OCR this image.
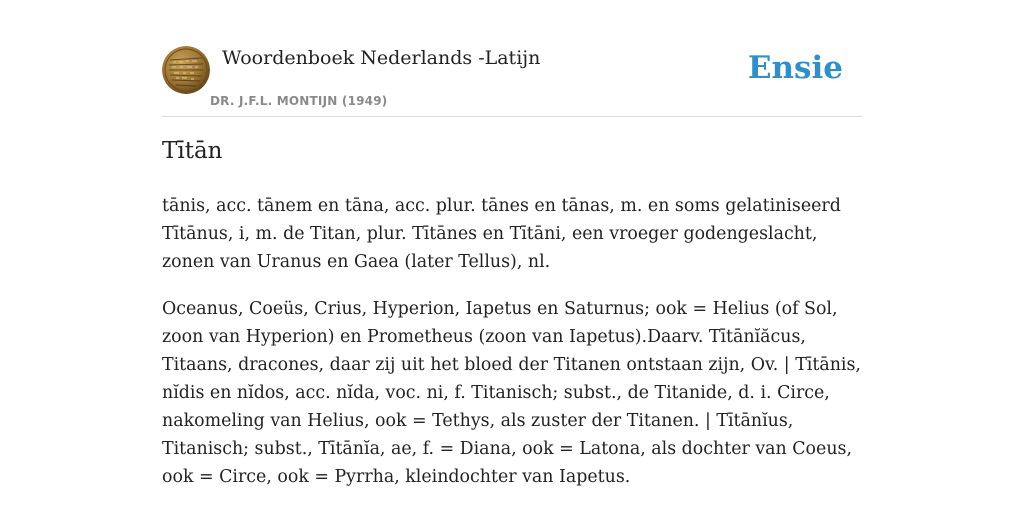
Woordenboek Nederlands -Latijn
DR. J.F.L. MONTIJN (1949)
Ensie
Tītān

tānis, acc. tānem en tāna, acc. plur. tānes en tānas, m. en soms gelatiniseerd Tītānus, i, m. de Titan, plur. Tītānes en Tītāni, een vroeger godengeslacht, zonen van Uranus en Gaea (later Tellus), nl.

Oceanus, Coeüs, Crius, Hyperion, Iapetus en Saturnus; ook = Helius (of Sol, zoon van Hyperion) en Prometheus (zoon van Iapetus).Daarv. Tītānĭăcus, Titaans, dracones, daar zij uit het bloed der Titanen ontstaan zijn, Ov. | Tītānis, nĭdis en nĭdos, acc. nĭda, voc. ni, f. Titanisch; subst., de Titanide, d. i. Circe, nakomeling van Helius, ook = Tethys, als zuster der Titanen. | Tītānĭus, Titanisch; subst., Tītānĭa, ae, f. = Diana, ook = Latona, als dochter van Coeus, ook = Circe, ook = Pyrrha, kleindochter van Iapetus.
